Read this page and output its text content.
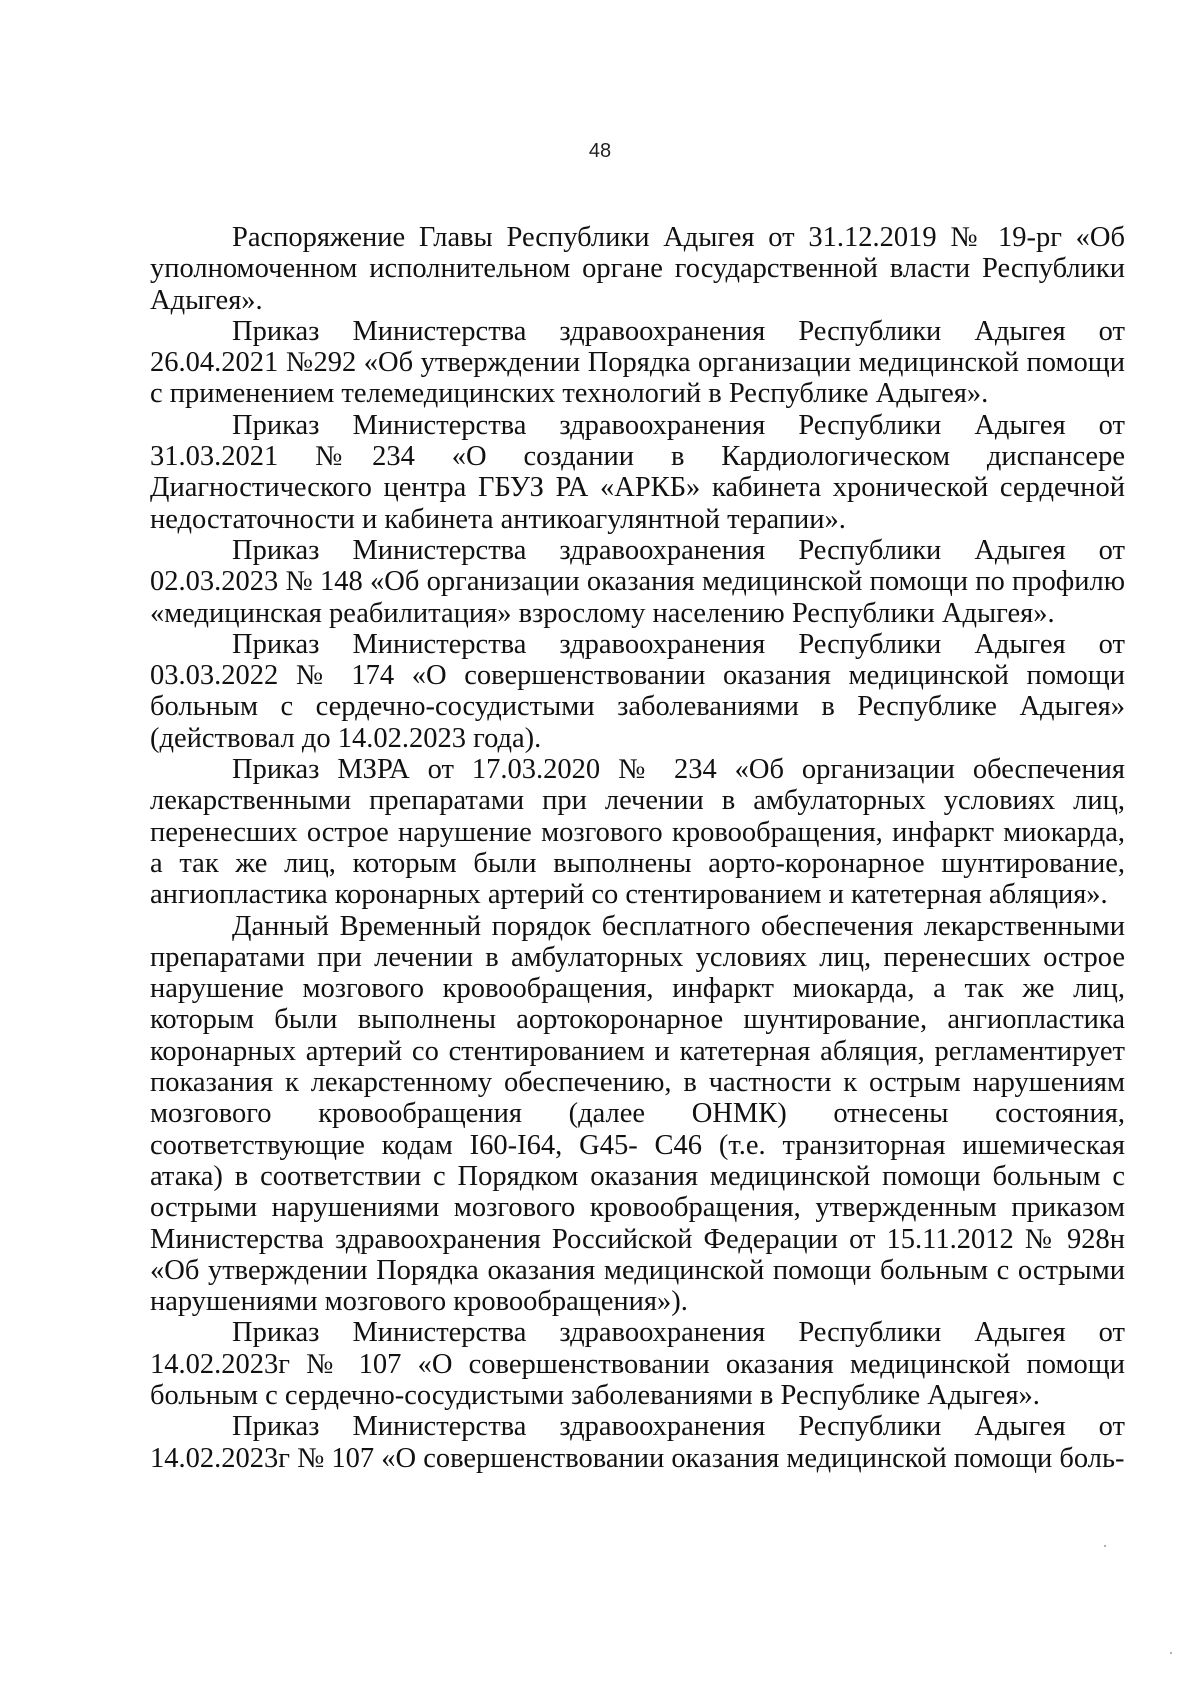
48

Распоряжение Главы Республики Адыгея от 31.12.2019 № 19-рг «Об уполномоченном исполнительном органе государственной власти Республики Адыгея».

Приказ Министерства здравоохранения Республики Адыгея от 26.04.2021 №292 «Об утверждении Порядка организации медицинской помощи с применением телемедицинских технологий в Республике Адыгея».

Приказ Министерства здравоохранения Республики Адыгея от 31.03.2021 №234 «О создании в Кардиологическом диспансере Диагностического центра ГБУЗ РА «АРКБ» кабинета хронической сердечной недостаточности и кабинета антикоагулянтной терапии».

Приказ Министерства здравоохранения Республики Адыгея от 02.03.2023 № 148 «Об организации оказания медицинской помощи по профилю «медицинская реабилитация» взрослому населению Республики Адыгея».

Приказ Министерства здравоохранения Республики Адыгея от 03.03.2022 № 174 «О совершенствовании оказания медицинской помощи больным с сердечно-сосудистыми заболеваниями в Республике Адыгея» (действовал до 14.02.2023 года).

Приказ МЗРА от 17.03.2020 № 234 «Об организации обеспечения лекарственными препаратами при лечении в амбулаторных условиях лиц, перенесших острое нарушение мозгового кровообращения, инфаркт миокарда, а так же лиц, которым были выполнены аорто-коронарное шунтирование, ангиопластика коронарных артерий со стентированием и катетерная абляция».

Данный Временный порядок бесплатного обеспечения лекарственными препаратами при лечении в амбулаторных условиях лиц, перенесших острое нарушение мозгового кровообращения, инфаркт миокарда, а так же лиц, которым были выполнены аортокоронарное шунтирование, ангиопластика коронарных артерий со стентированием и катетерная абляция, регламентирует показания к лекарстенному обеспечению, в частности к острым нарушениям мозгового кровообращения (далее ОНМК) отнесены состояния, соответствующие кодам I60-I64, G45- C46 (т.е. транзиторная ишемическая атака) в соответствии с Порядком оказания медицинской помощи больным с острыми нарушениями мозгового кровообращения, утвержденным приказом Министерства здравоохранения Российской Федерации от 15.11.2012 № 928н «Об утверждении Порядка оказания медицинской помощи больным с острыми нарушениями мозгового кровообращения»).

Приказ Министерства здравоохранения Республики Адыгея от 14.02.2023г № 107 «О совершенствовании оказания медицинской помощи больным с сердечно-сосудистыми заболеваниями в Республике Адыгея».

Приказ Министерства здравоохранения Республики Адыгея от 14.02.2023г № 107 «О совершенствовании оказания медицинской помощи боль-
